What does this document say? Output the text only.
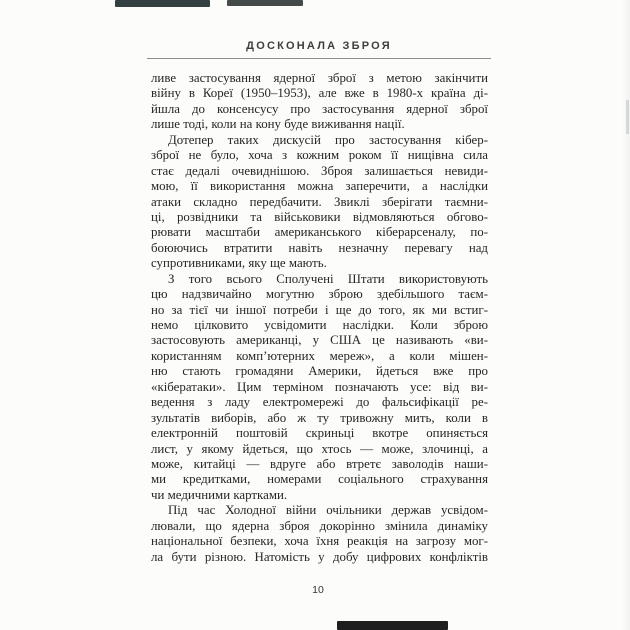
ДОСКОНАЛА ЗБРОЯ
ливе застосування ядерної зброї з метою закінчити
війну в Кореї (1950–1953), але вже в 1980-х країна ді-
йшла до консенсусу про застосування ядерної зброї
лише тоді, коли на кону буде виживання нації.
Дотепер таких дискусій про застосування кібер-
зброї не було, хоча з кожним роком її нищівна сила
стає дедалі очевиднішою. Зброя залишається невиди-
мою, її використання можна заперечити, а наслідки
атаки складно передбачити. Звиклі зберігати таємни-
ці, розвідники та військовики відмовляються обгово-
рювати масштаби американського кіберарсеналу, по-
боюючись втратити навіть незначну перевагу над
супротивниками, яку ще мають.
З того всього Сполучені Штати використовують
цю надзвичайно могутню зброю здебільшого таєм-
но за тієї чи іншої потреби і ще до того, як ми встиг-
немо цілковито усвідомити наслідки. Коли зброю
застосовують американці, у США це називають «ви-
користанням комп’ютерних мереж», а коли мішен-
ню стають громадяни Америки, йдеться вже про
«кібератаки». Цим терміном позначають усе: від ви-
ведення з ладу електромережі до фальсифікації ре-
зультатів виборів, або ж ту тривожну мить, коли в
електронній поштовій скриньці вкотре опиняється
лист, у якому йдеться, що хтось — може, злочинці, а
може, китайці — вдруге або втретє заволодів наши-
ми кредитками, номерами соціального страхування
чи медичними картками.
Під час Холодної війни очільники держав усвідом-
лювали, що ядерна зброя докорінно змінила динаміку
національної безпеки, хоча їхня реакція на загрозу мог-
ла бути різною. Натомість у добу цифрових конфліктів
10
